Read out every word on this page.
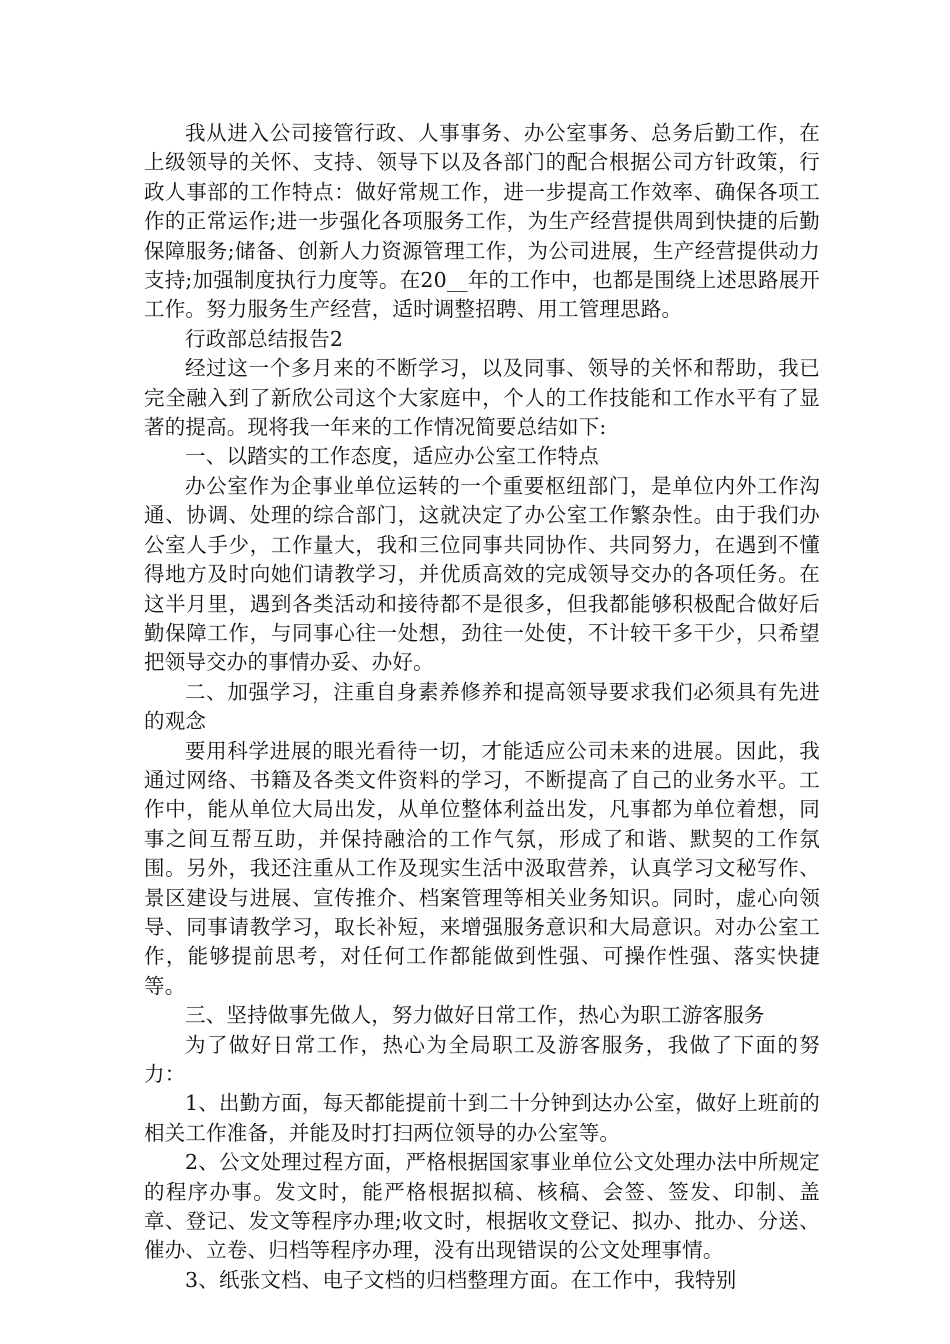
我从进入公司接管行政、人事事务、办公室事务、总务后勤工作，在上级领导的关怀、支持、领导下以及各部门的配合根据公司方针政策，行政人事部的工作特点：做好常规工作，进一步提高工作效率、确保各项工作的正常运作;进一步强化各项服务工作，为生产经营提供周到快捷的后勤保障服务;储备、创新人力资源管理工作，为公司进展，生产经营提供动力支持;加强制度执行力度等。在20__年的工作中，也都是围绕上述思路展开工作。努力服务生产经营，适时调整招聘、用工管理思路。

行政部总结报告2

经过这一个多月来的不断学习，以及同事、领导的关怀和帮助，我已完全融入到了新欣公司这个大家庭中，个人的工作技能和工作水平有了显著的提高。现将我一年来的工作情况简要总结如下:

一、以踏实的工作态度，适应办公室工作特点

办公室作为企事业单位运转的一个重要枢纽部门，是单位内外工作沟通、协调、处理的综合部门，这就决定了办公室工作繁杂性。由于我们办公室人手少，工作量大，我和三位同事共同协作、共同努力，在遇到不懂得地方及时向她们请教学习，并优质高效的完成领导交办的各项任务。在这半月里，遇到各类活动和接待都不是很多，但我都能够积极配合做好后勤保障工作，与同事心往一处想，劲往一处使，不计较干多干少，只希望把领导交办的事情办妥、办好。

二、加强学习，注重自身素养修养和提高领导要求我们必须具有先进的观念

要用科学进展的眼光看待一切，才能适应公司未来的进展。因此，我通过网络、书籍及各类文件资料的学习，不断提高了自己的业务水平。工作中，能从单位大局出发，从单位整体利益出发，凡事都为单位着想，同事之间互帮互助，并保持融洽的工作气氛，形成了和谐、默契的工作氛围。另外，我还注重从工作及现实生活中汲取营养，认真学习文秘写作、景区建设与进展、宣传推介、档案管理等相关业务知识。同时，虚心向领导、同事请教学习，取长补短，来增强服务意识和大局意识。对办公室工作，能够提前思考，对任何工作都能做到性强、可操作性强、落实快捷等。

三、坚持做事先做人，努力做好日常工作，热心为职工游客服务

为了做好日常工作，热心为全局职工及游客服务，我做了下面的努力：

1、出勤方面，每天都能提前十到二十分钟到达办公室，做好上班前的相关工作准备，并能及时打扫两位领导的办公室等。

2、公文处理过程方面，严格根据国家事业单位公文处理办法中所规定的程序办事。发文时，能严格根据拟稿、核稿、会签、签发、印制、盖章、登记、发文等程序办理;收文时，根据收文登记、拟办、批办、分送、催办、立卷、归档等程序办理，没有出现错误的公文处理事情。

3、纸张文档、电子文档的归档整理方面。在工作中，我特别
